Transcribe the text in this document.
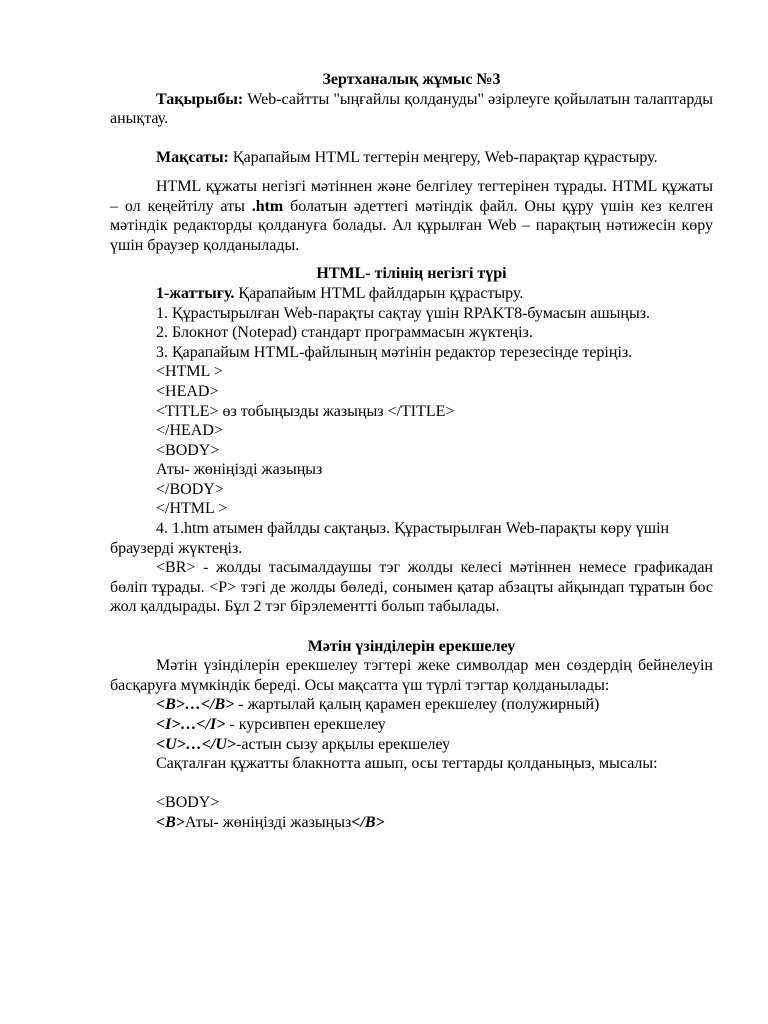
Зертханалық жұмыс №3

Тақырыбы: Web-сайтты "ыңғайлы қолдануды" әзірлеуге қойылатын талаптарды анықтау.

Мақсаты: Қарапайым HTML тегтерін меңгеру, Web-парақтар құрастыру.

HTML құжаты негізгі мәтіннен және белгілеу тегтерінен тұрады. HTML құжаты – ол кеңейтілу аты .htm болатын әдеттегі мәтіндік файл. Оны құру үшін кез келген мәтіндік редакторды қолдануға болады. Ал құрылған Web – парақтың нәтижесін көру үшін браузер қолданылады.

HTML- тілінің негізгі түрі

1-жаттығу. Қарапайым HTML файлдарын құрастыру.

1. Құрастырылған Web-парақты сақтау үшін RPAKT8-бумасын ашыңыз.

2. Блокнот (Notepad) стандарт программасын жүктеңіз.

3. Қарапайым HTML-файлының мәтінін редактор терезесінде теріңіз.

<HTML >

<HEAD>

<TITLE> өз тобыңызды жазыңыз </TITLE>

</HEAD>

<BODY>

Аты- жөніңізді жазыңыз

</BODY>

</HTML >

4. 1.htm атымен файлды сақтаңыз. Құрастырылған Web-парақты көру үшін браузерді жүктеңіз.

<BR> - жолды тасымалдаушы тэг жолды келесі мәтіннен немесе графикадан бөліп тұрады. <P> тэгі де жолды бөледі, сонымен қатар абзацты айқындап тұратын бос жол қалдырады. Бұл 2 тэг бірэлементті болып табылады.

Мәтін үзінділерін ерекшелеу

Мәтін үзінділерін ерекшелеу тэгтері жеке символдар мен сөздердің бейнелеуін басқаруға мүмкіндік береді. Осы мақсатта үш түрлі тэгтар қолданылады:

<B>…</B> - жартылай қалың қарамен ерекшелеу (полужирный)

<I>…</I> - курсивпен ерекшелеу

<U>…</U>-астын сызу арқылы ерекшелеу

Сақталған құжатты блакнотта ашып, осы тегтарды қолданыңыз, мысалы:

<BODY>

<B>Аты- жөніңізді жазыңыз</B>
